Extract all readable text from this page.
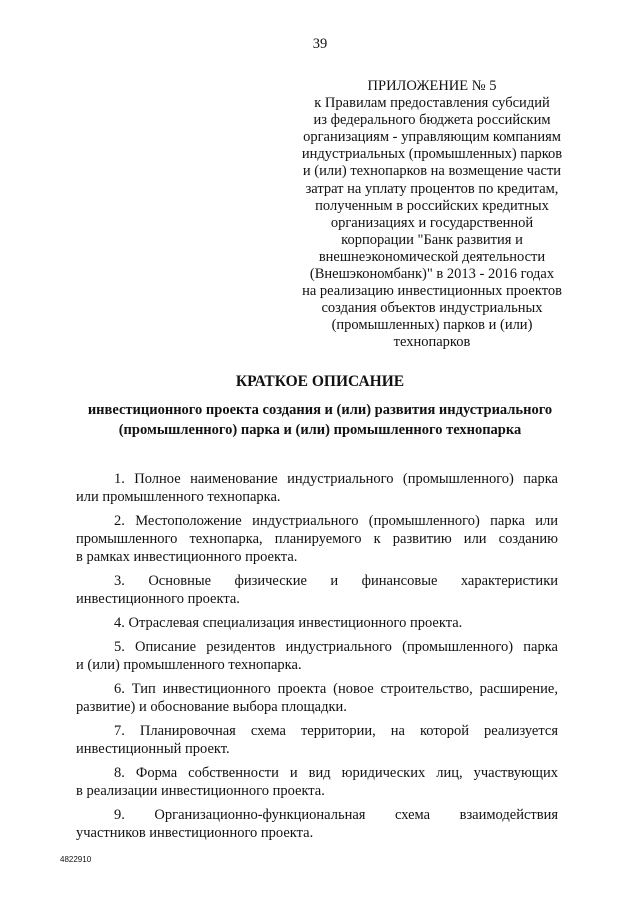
39
ПРИЛОЖЕНИЕ № 5
к Правилам предоставления субсидий
из федерального бюджета российским
организациям - управляющим компаниям
индустриальных (промышленных) парков
и (или) технопарков на возмещение части
затрат на уплату процентов по кредитам,
полученным в российских кредитных
организациях и государственной
корпорации "Банк развития и
внешнеэкономической деятельности
(Внешэкономбанк)" в 2013 - 2016 годах
на реализацию инвестиционных проектов
создания объектов индустриальных
(промышленных) парков и (или)
технопарков
КРАТКОЕ ОПИСАНИЕ
инвестиционного проекта создания и (или) развития индустриального
(промышленного) парка и (или) промышленного технопарка
1. Полное наименование индустриального (промышленного) парка
или промышленного технопарка.
2. Местоположение индустриального (промышленного) парка или
промышленного технопарка, планируемого к развитию или созданию
в рамках инвестиционного проекта.
3. Основные физические и финансовые характеристики
инвестиционного проекта.
4. Отраслевая специализация инвестиционного проекта.
5. Описание резидентов индустриального (промышленного) парка
и (или) промышленного технопарка.
6. Тип инвестиционного проекта (новое строительство, расширение,
развитие) и обоснование выбора площадки.
7. Планировочная схема территории, на которой реализуется
инвестиционный проект.
8. Форма собственности и вид юридических лиц, участвующих
в реализации инвестиционного проекта.
9. Организационно-функциональная схема взаимодействия
участников инвестиционного проекта.
4822910
